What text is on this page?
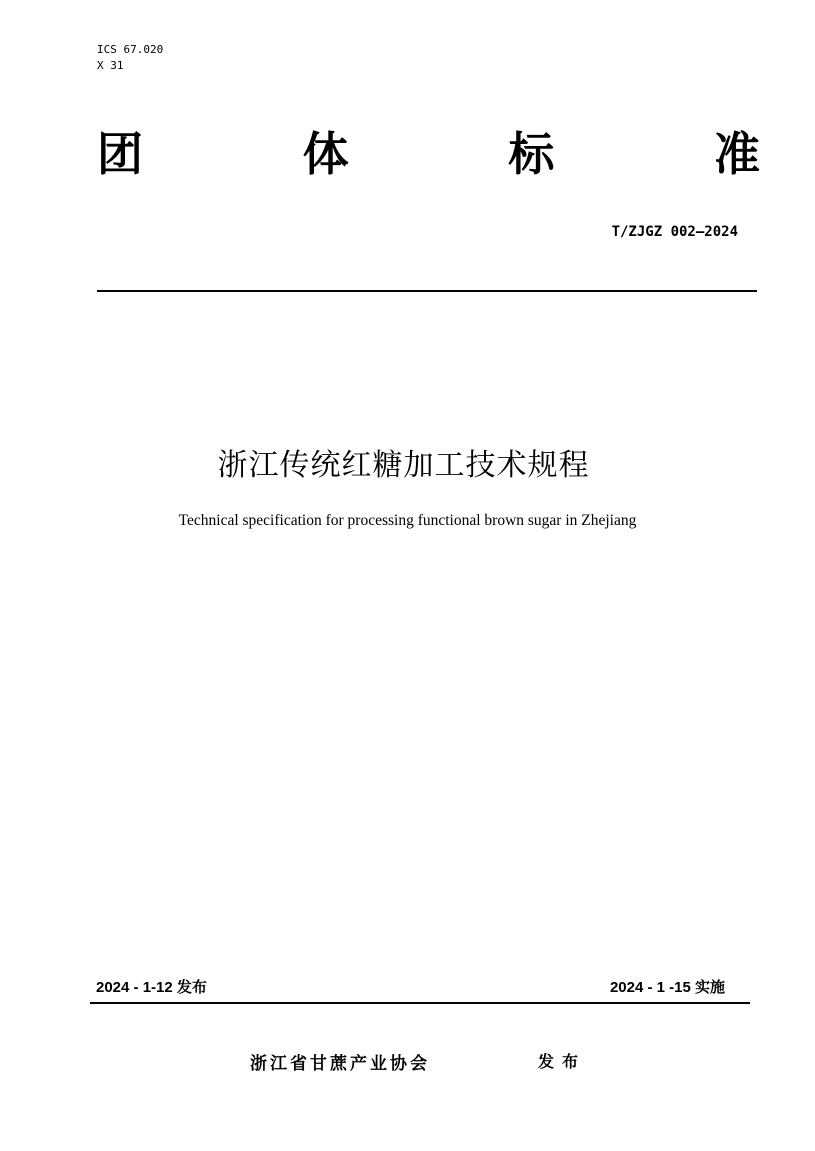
ICS 67.020
X 31
团	体	标	准
T/ZJGZ 002—2024
浙江传统红糖加工技术规程
Technical specification for processing functional brown sugar in Zhejiang
2024 - 1-12 发布	2024 - 1 -15 实施
浙江省甘蔗产业协会	发布
